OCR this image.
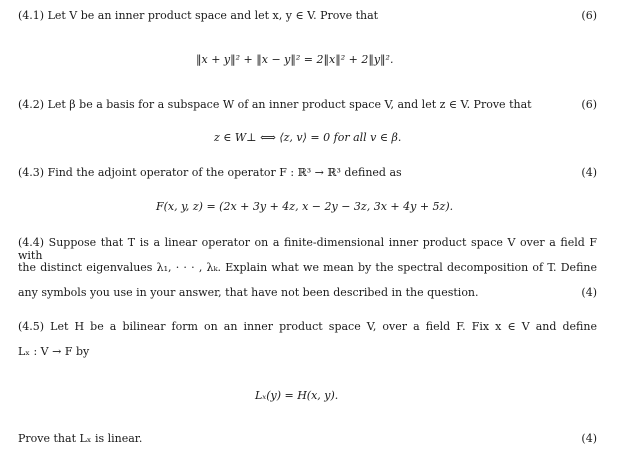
(4.1) Let V be an inner product space and let x, y ∈ V. Prove that	(6)
‖x + y‖² + ‖x − y‖² = 2‖x‖² + 2‖y‖².
(4.2) Let β be a basis for a subspace W of an inner product space V, and let z ∈ V. Prove that	(6)
z ∈ W⊥ ⟺ ⟨z, v⟩ = 0 for all v ∈ β.
(4.3) Find the adjoint operator of the operator F : ℝ³ → ℝ³ defined as	(4)
F(x, y, z) = (2x + 3y + 4z, x − 2y − 3z, 3x + 4y + 5z).
(4.4) Suppose that T is a linear operator on a finite-dimensional inner product space V over a field F with
the distinct eigenvalues λ₁, · · · , λₖ. Explain what we mean by the spectral decomposition of T. Define
any symbols you use in your answer, that have not been described in the question.	(4)
(4.5) Let H be a bilinear form on an inner product space V, over a field F. Fix x ∈ V and define
Lₓ : V → F by
Lₓ(y) = H(x, y).
Prove that Lₓ is linear.	(4)
